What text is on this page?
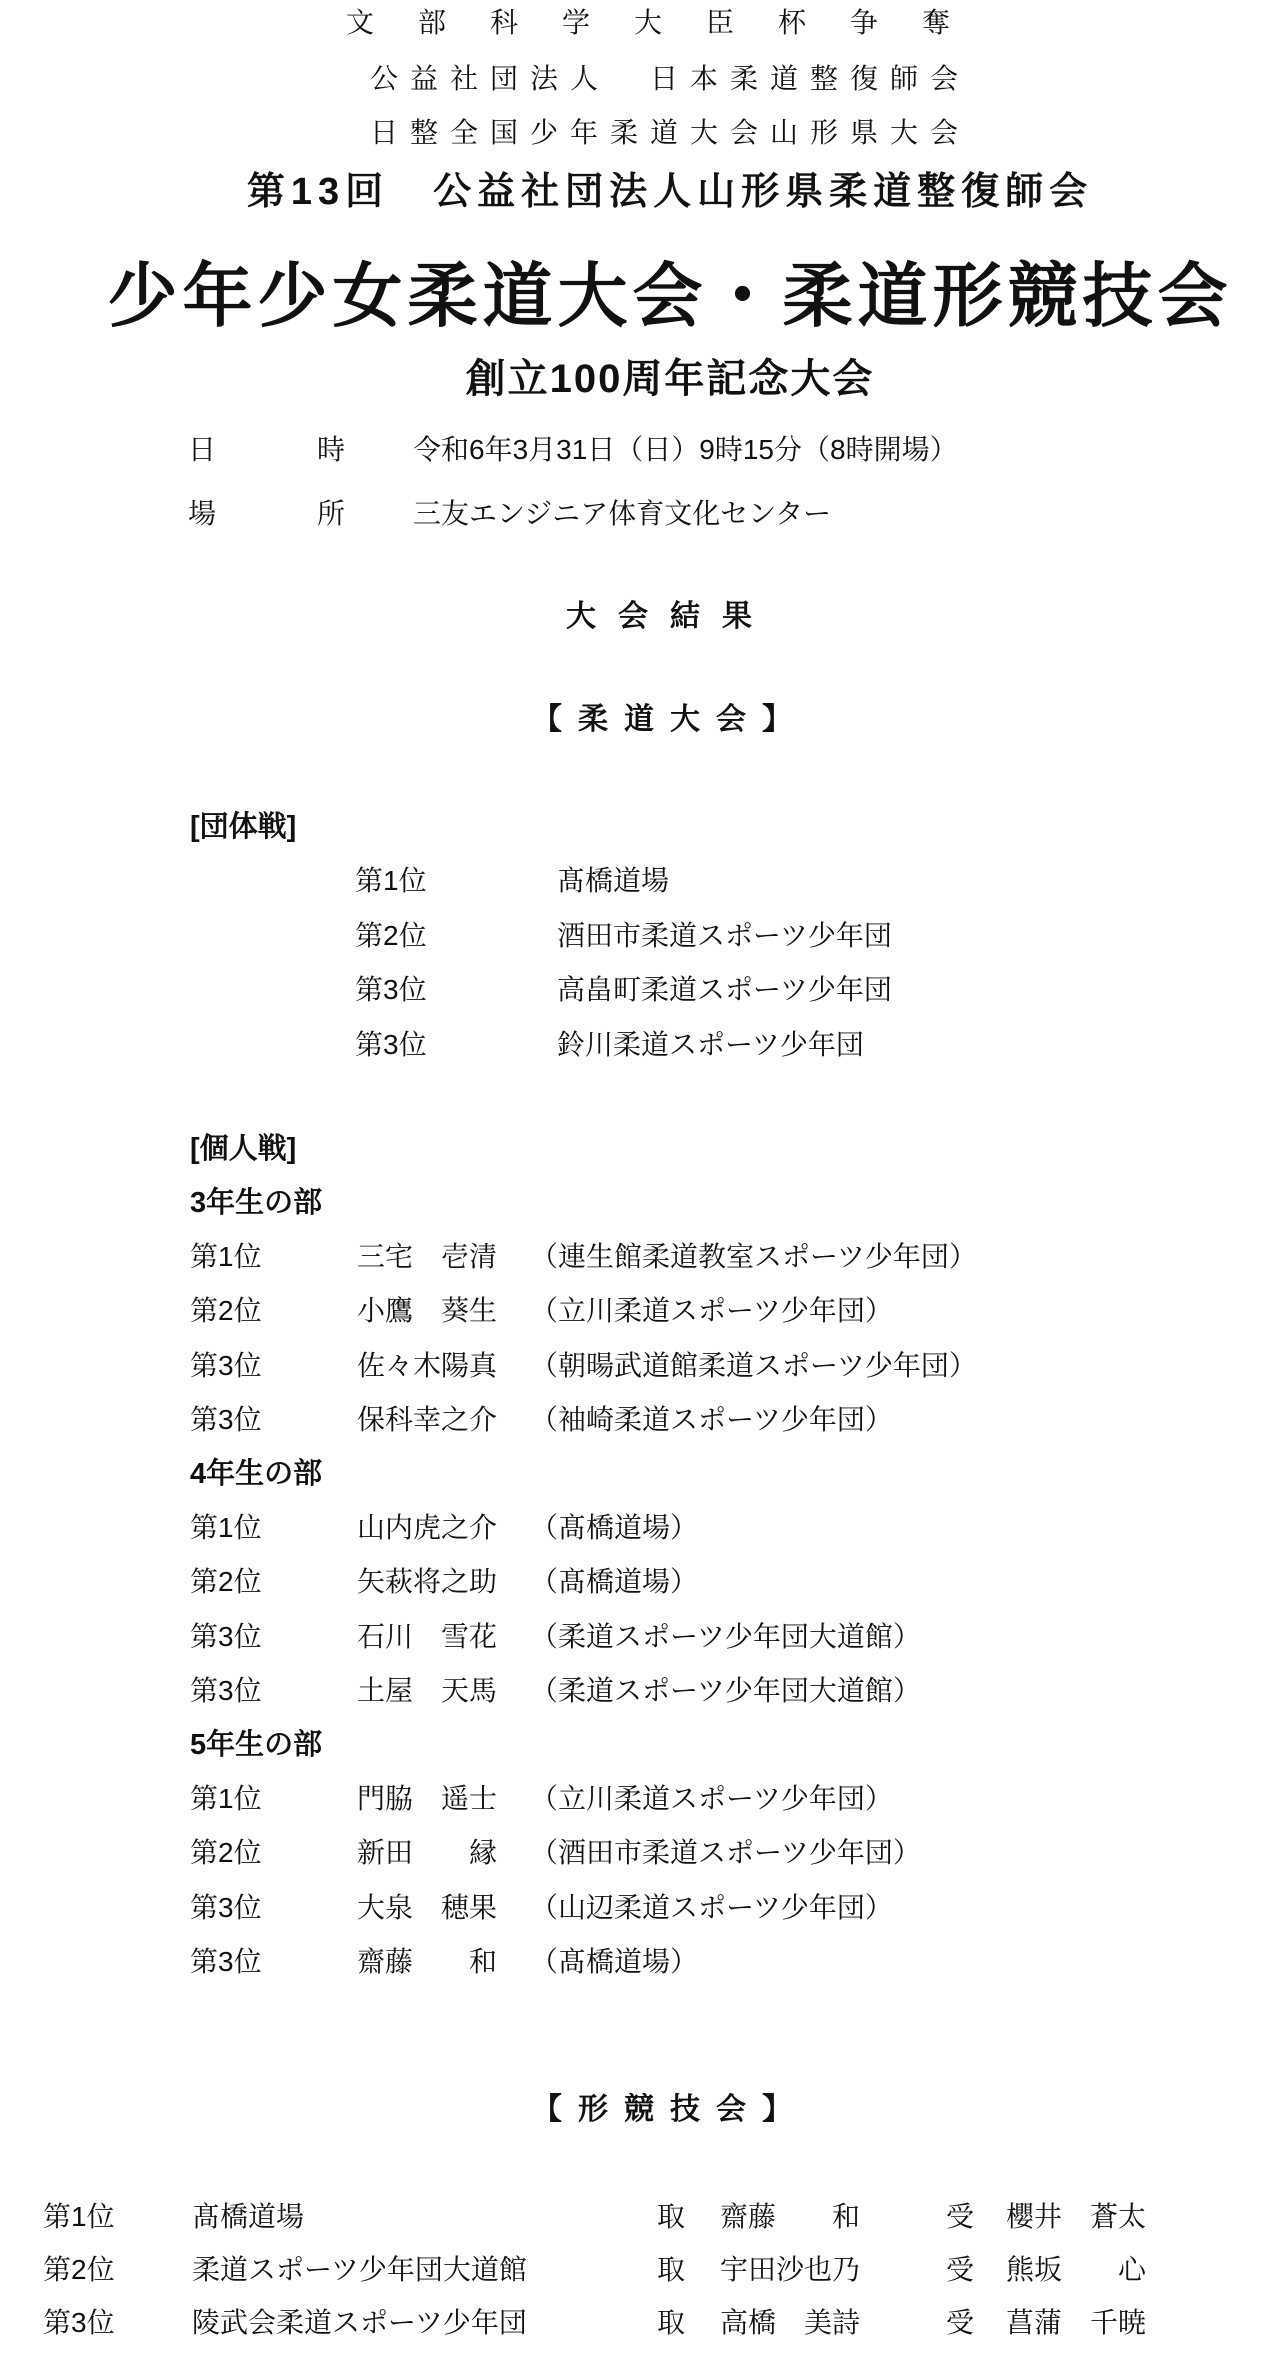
文部科学大臣杯争奪
公益社団法人　日本柔道整復師会
日整全国少年柔道大会山形県大会
第13回　公益社団法人山形県柔道整復師会
少年少女柔道大会・柔道形競技会
創立100周年記念大会
日	時 令和6年3月31日（日）9時15分（8時開場）
場	所 三友エンジニア体育文化センター
大会結果
【柔道大会】
[団体戦]
第1位	髙橋道場
第2位	酒田市柔道スポーツ少年団
第3位	高畠町柔道スポーツ少年団
第3位	鈴川柔道スポーツ少年団
[個人戦]
3年生の部
第1位	三宅　壱清 （連生館柔道教室スポーツ少年団）
第2位	小鷹　葵生 （立川柔道スポーツ少年団）
第3位	佐々木陽真 （朝暘武道館柔道スポーツ少年団）
第3位	保科幸之介 （袖崎柔道スポーツ少年団）
4年生の部
第1位	山内虎之介 （髙橋道場）
第2位	矢萩将之助 （髙橋道場）
第3位	石川　雪花 （柔道スポーツ少年団大道館）
第3位	土屋　天馬 （柔道スポーツ少年団大道館）
5年生の部
第1位	門脇　遥士 （立川柔道スポーツ少年団）
第2位	新田　　縁 （酒田市柔道スポーツ少年団）
第3位	大泉　穂果 （山辺柔道スポーツ少年団）
第3位	齋藤　　和 （髙橋道場）
【形競技会】
第1位	髙橋道場	取	齋藤　　和	受	櫻井　蒼太
第2位	柔道スポーツ少年団大道館	取	宇田沙也乃	受	熊坂　　心
第3位	陵武会柔道スポーツ少年団	取	高橋　美詩	受	菖蒲　千暁
